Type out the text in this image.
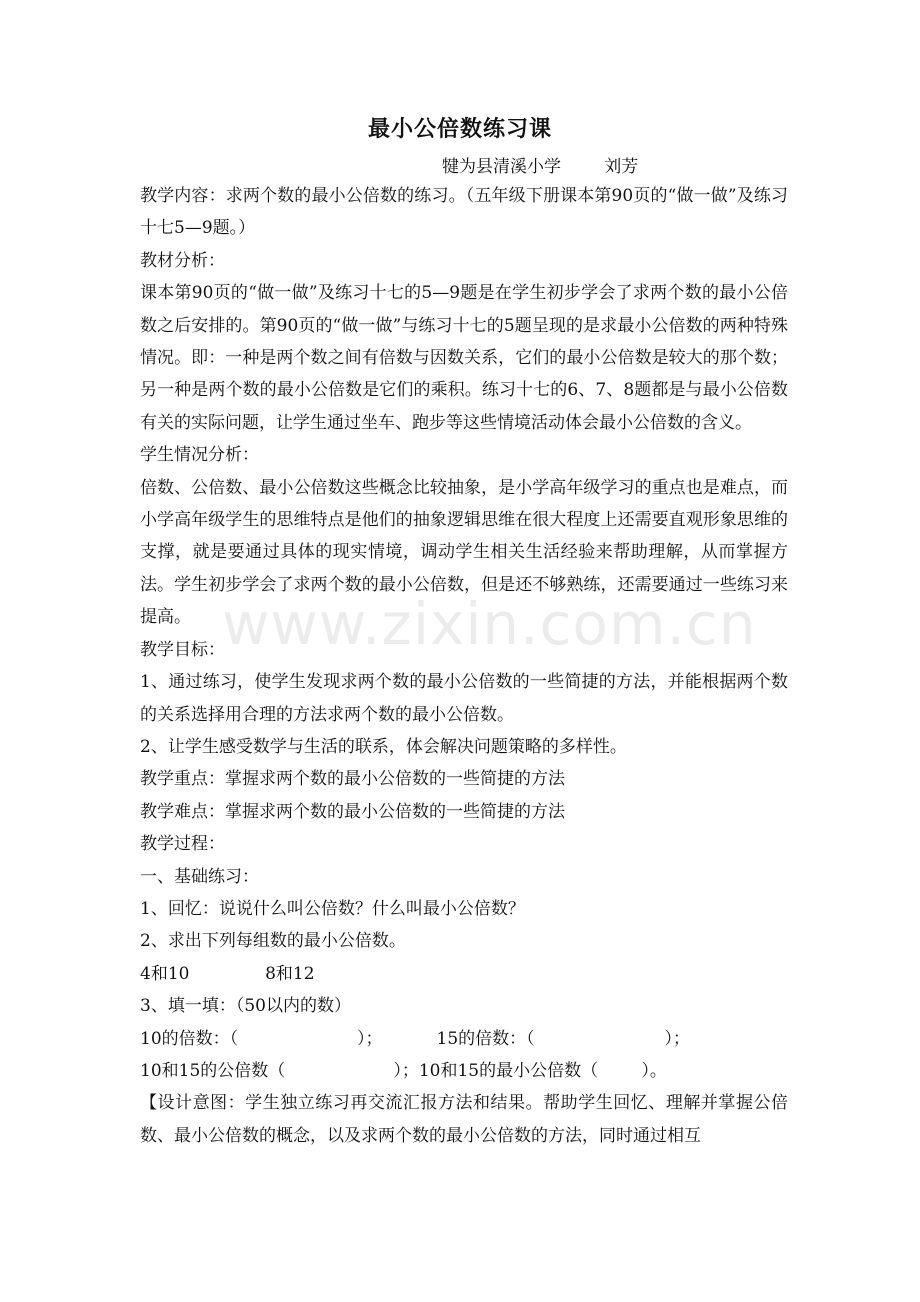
最小公倍数练习课
犍为县清溪小学        刘芳

教学内容：求两个数的最小公倍数的练习。（五年级下册课本第90页的“做一做”及练习十七5—9题。）

教材分析：

课本第90页的“做一做”及练习十七的5—9题是在学生初步学会了求两个数的最小公倍数之后安排的。第90页的“做一做”与练习十七的5题呈现的是求最小公倍数的两种特殊情况。即：一种是两个数之间有倍数与因数关系，它们的最小公倍数是较大的那个数；另一种是两个数的最小公倍数是它们的乘积。练习十七的6、7、8题都是与最小公倍数有关的实际问题，让学生通过坐车、跑步等这些情境活动体会最小公倍数的含义。

学生情况分析：

倍数、公倍数、最小公倍数这些概念比较抽象，是小学高年级学习的重点也是难点，而小学高年级学生的思维特点是他们的抽象逻辑思维在很大程度上还需要直观形象思维的支撑，就是要通过具体的现实情境，调动学生相关生活经验来帮助理解，从而掌握方法。学生初步学会了求两个数的最小公倍数，但是还不够熟练，还需要通过一些练习来提高。

教学目标：

1、通过练习，使学生发现求两个数的最小公倍数的一些简捷的方法，并能根据两个数的关系选择用合理的方法求两个数的最小公倍数。

2、让学生感受数学与生活的联系，体会解决问题策略的多样性。

教学重点：掌握求两个数的最小公倍数的一些简捷的方法

教学难点：掌握求两个数的最小公倍数的一些简捷的方法

教学过程：

一、基础练习：

1、回忆：说说什么叫公倍数？什么叫最小公倍数？

2、求出下列每组数的最小公倍数。

4和10              8和12

3、填一填：（50以内的数）

10的倍数：（                      ）；          15的倍数：（                        ）；

10和15的公倍数（                    ）；10和15的最小公倍数（        ）。

【设计意图：学生独立练习再交流汇报方法和结果。帮助学生回忆、理解并掌握公倍数、最小公倍数的概念，以及求两个数的最小公倍数的方法，同时通过相互

www.zixin.com.cn
